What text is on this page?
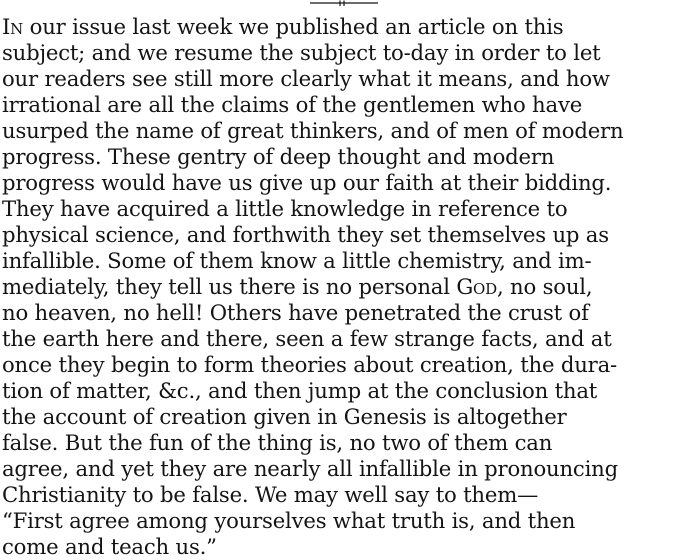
In our issue last week we published an article on this
subject; and we resume the subject to-day in order to let
our readers see still more clearly what it means, and how
irrational are all the claims of the gentlemen who have
usurped the name of great thinkers, and of men of modern
progress. These gentry of deep thought and modern
progress would have us give up our faith at their bidding.
They have acquired a little knowledge in reference to
physical science, and forthwith they set themselves up as
infallible. Some of them know a little chemistry, and im-
mediately, they tell us there is no personal God, no soul,
no heaven, no hell! Others have penetrated the crust of
the earth here and there, seen a few strange facts, and at
once they begin to form theories about creation, the dura-
tion of matter, &c., and then jump at the conclusion that
the account of creation given in Genesis is altogether
false. But the fun of the thing is, no two of them can
agree, and yet they are nearly all infallible in pronouncing
Christianity to be false. We may well say to them—
“First agree among yourselves what truth is, and then
come and teach us.”
